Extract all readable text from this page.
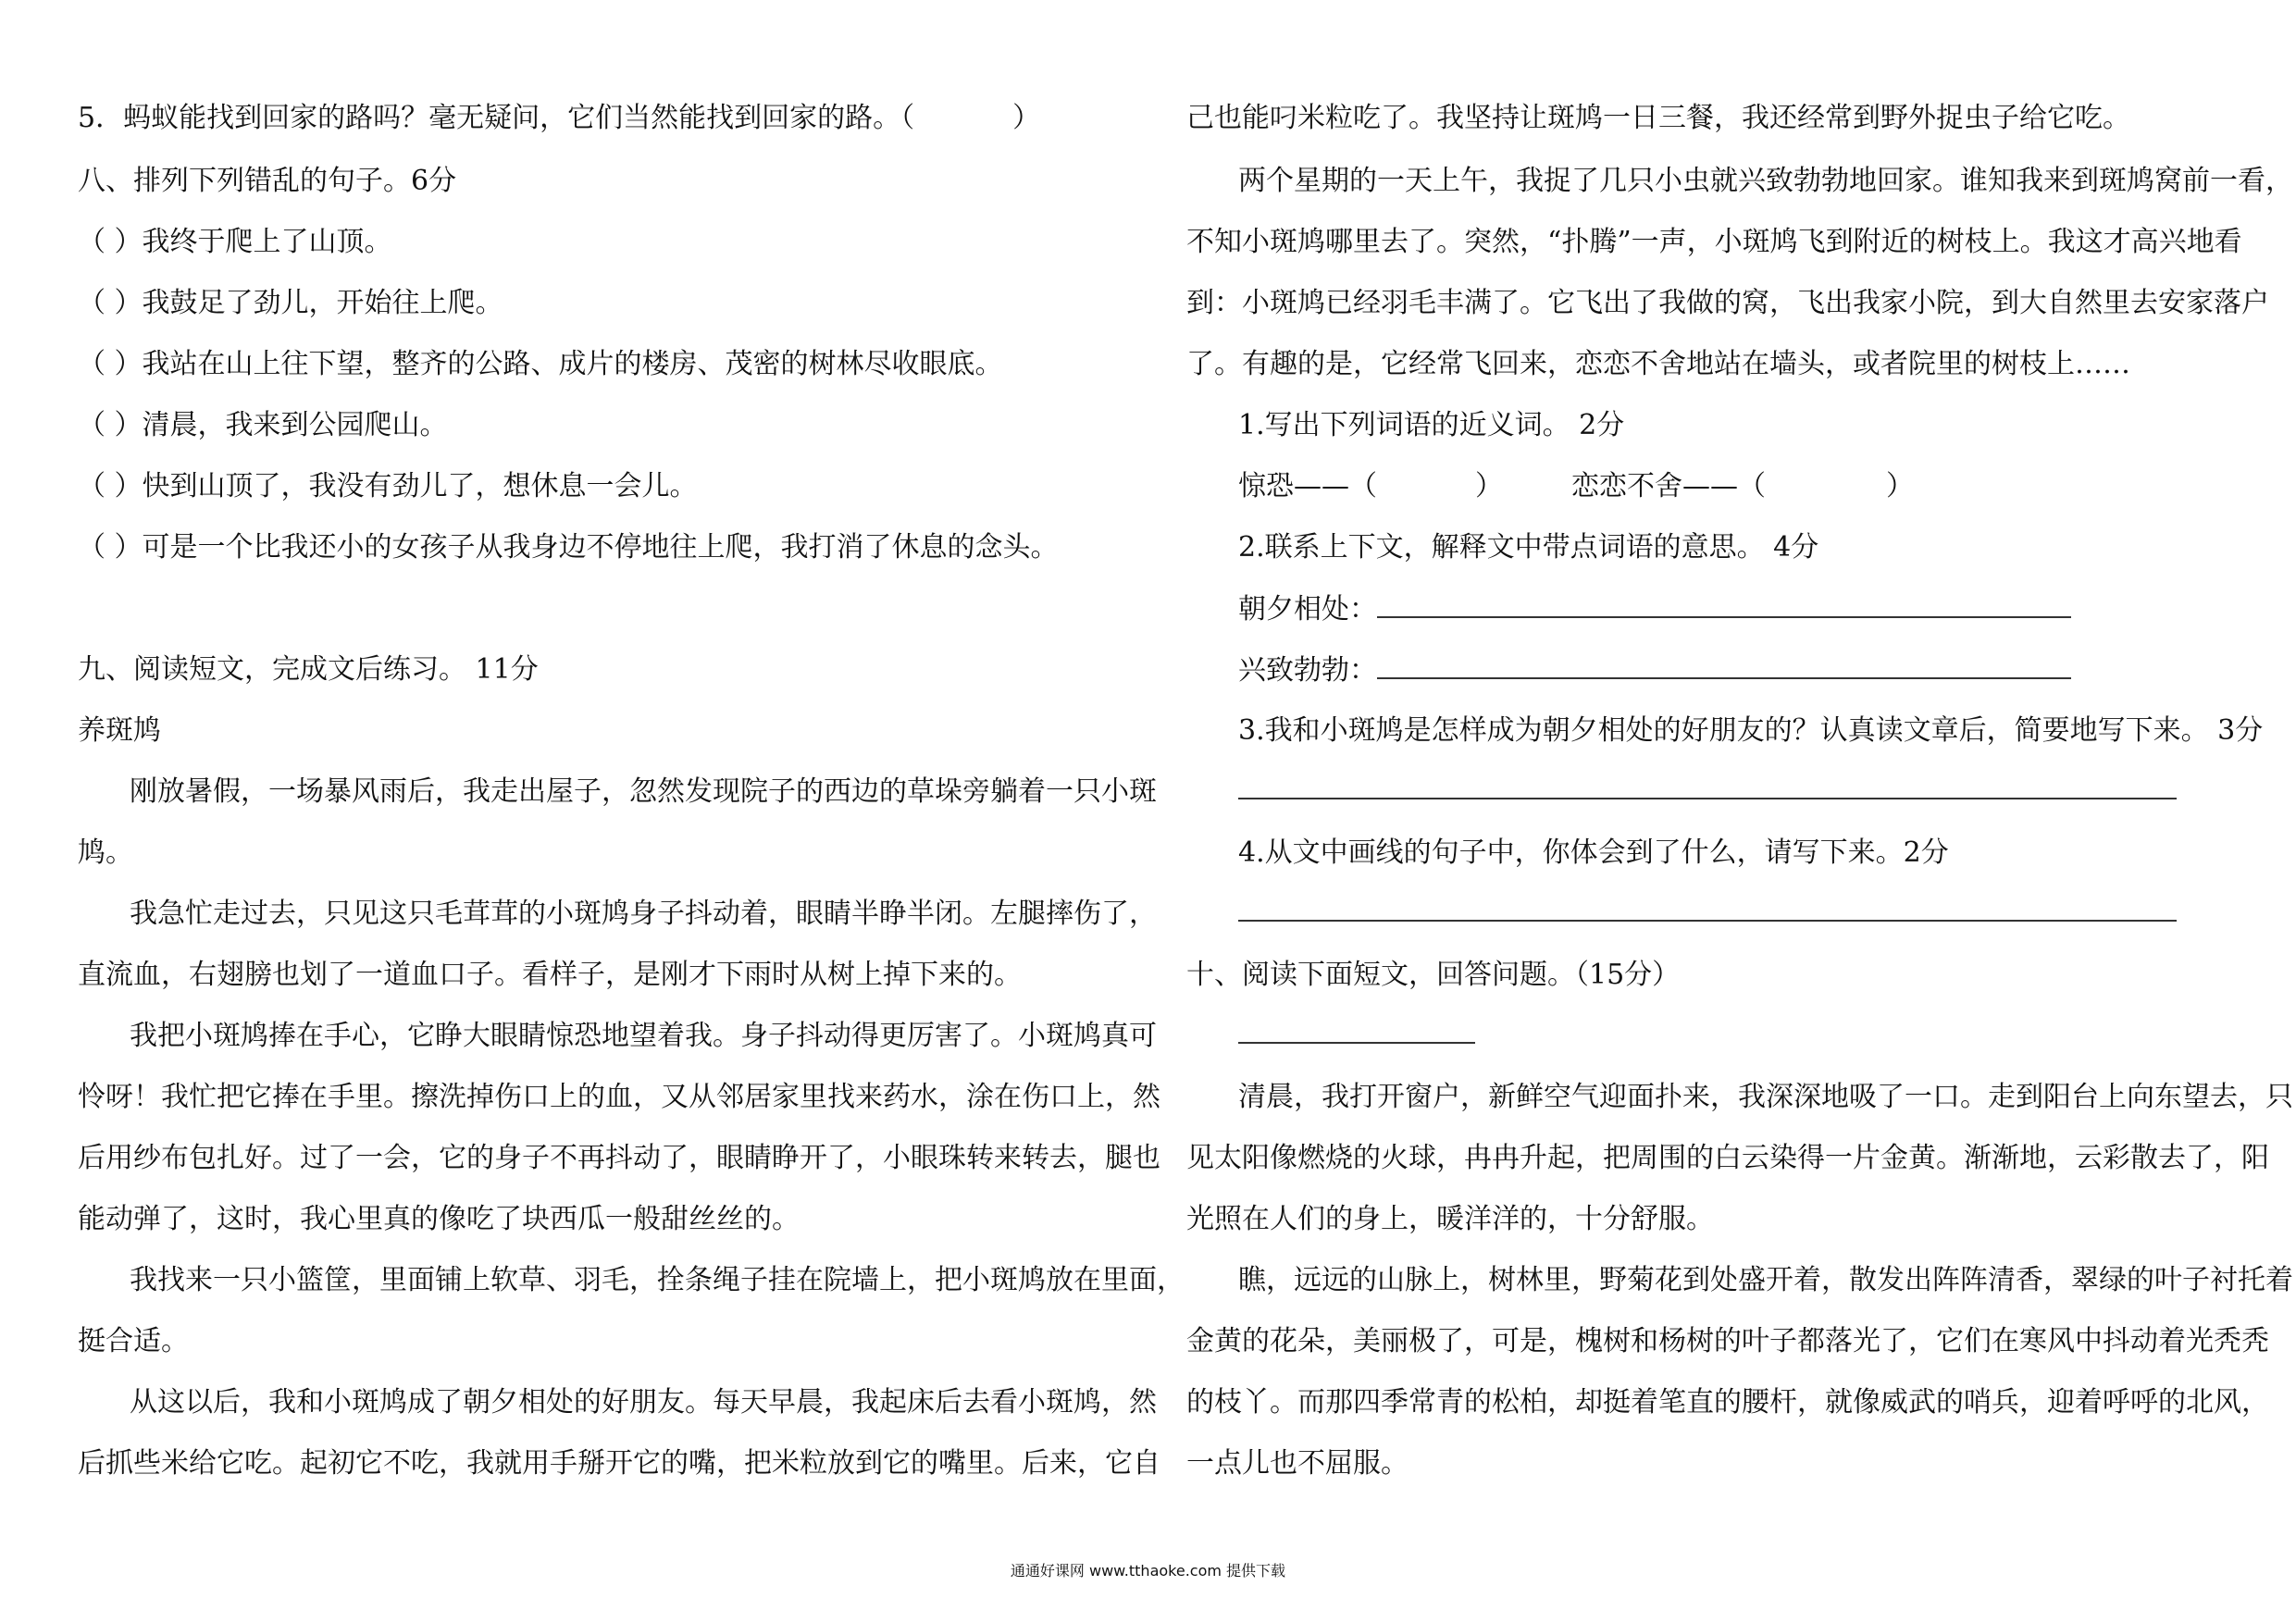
5．蚂蚁能找到回家的路吗？毫无疑问，它们当然能找到回家的路。（	）
八、排列下列错乱的句子。6分
（ ）我终于爬上了山顶。
（ ）我鼓足了劲儿，开始往上爬。
（ ）我站在山上往下望，整齐的公路、成片的楼房、茂密的树林尽收眼底。
（ ）清晨，我来到公园爬山。
（ ）快到山顶了，我没有劲儿了，想休息一会儿。
（ ）可是一个比我还小的女孩子从我身边不停地往上爬，我打消了休息的念头。
九、阅读短文，完成文后练习。 11分
养斑鸠
刚放暑假，一场暴风雨后，我走出屋子，忽然发现院子的西边的草垛旁躺着一只小斑
鸠。
我急忙走过去，只见这只毛茸茸的小斑鸠身子抖动着，眼睛半睁半闭。左腿摔伤了，
直流血，右翅膀也划了一道血口子。看样子，是刚才下雨时从树上掉下来的。
我把小斑鸠捧在手心，它睁大眼睛惊恐地望着我。身子抖动得更厉害了。小斑鸠真可
怜呀！我忙把它捧在手里。擦洗掉伤口上的血，又从邻居家里找来药水，涂在伤口上，然
后用纱布包扎好。过了一会，它的身子不再抖动了，眼睛睁开了，小眼珠转来转去，腿也
能动弹了，这时，我心里真的像吃了块西瓜一般甜丝丝的。
我找来一只小篮筐，里面铺上软草、羽毛，拴条绳子挂在院墙上，把小斑鸠放在里面，
挺合适。
从这以后，我和小斑鸠成了朝夕相处的好朋友。每天早晨，我起床后去看小斑鸠，然
后抓些米给它吃。起初它不吃，我就用手掰开它的嘴，把米粒放到它的嘴里。后来，它自
己也能叼米粒吃了。我坚持让斑鸠一日三餐，我还经常到野外捉虫子给它吃。
两个星期的一天上午，我捉了几只小虫就兴致勃勃地回家。谁知我来到斑鸠窝前一看，
不知小斑鸠哪里去了。突然，“扑腾”一声，小斑鸠飞到附近的树枝上。我这才高兴地看
到：小斑鸠已经羽毛丰满了。它飞出了我做的窝，飞出我家小院，到大自然里去安家落户
了。有趣的是，它经常飞回来，恋恋不舍地站在墙头，或者院里的树枝上……
1.写出下列词语的近义词。 2分
惊恐——（	） 恋恋不舍——（	）
2.联系上下文，解释文中带点词语的意思。 4分
朝夕相处：
兴致勃勃：
3.我和小斑鸠是怎样成为朝夕相处的好朋友的？认真读文章后，简要地写下来。 3分
4.从文中画线的句子中，你体会到了什么，请写下来。2分
十、阅读下面短文，回答问题。（15分）
清晨，我打开窗户，新鲜空气迎面扑来，我深深地吸了一口。走到阳台上向东望去，只
见太阳像燃烧的火球，冉冉升起，把周围的白云染得一片金黄。渐渐地，云彩散去了，阳
光照在人们的身上，暖洋洋的，十分舒服。
瞧，远远的山脉上，树林里，野菊花到处盛开着，散发出阵阵清香，翠绿的叶子衬托着
金黄的花朵，美丽极了，可是，槐树和杨树的叶子都落光了，它们在寒风中抖动着光秃秃
的枝丫。而那四季常青的松柏，却挺着笔直的腰杆，就像威武的哨兵，迎着呼呼的北风，
一点儿也不屈服。
通通好课网 www.tthaoke.com 提供下载
